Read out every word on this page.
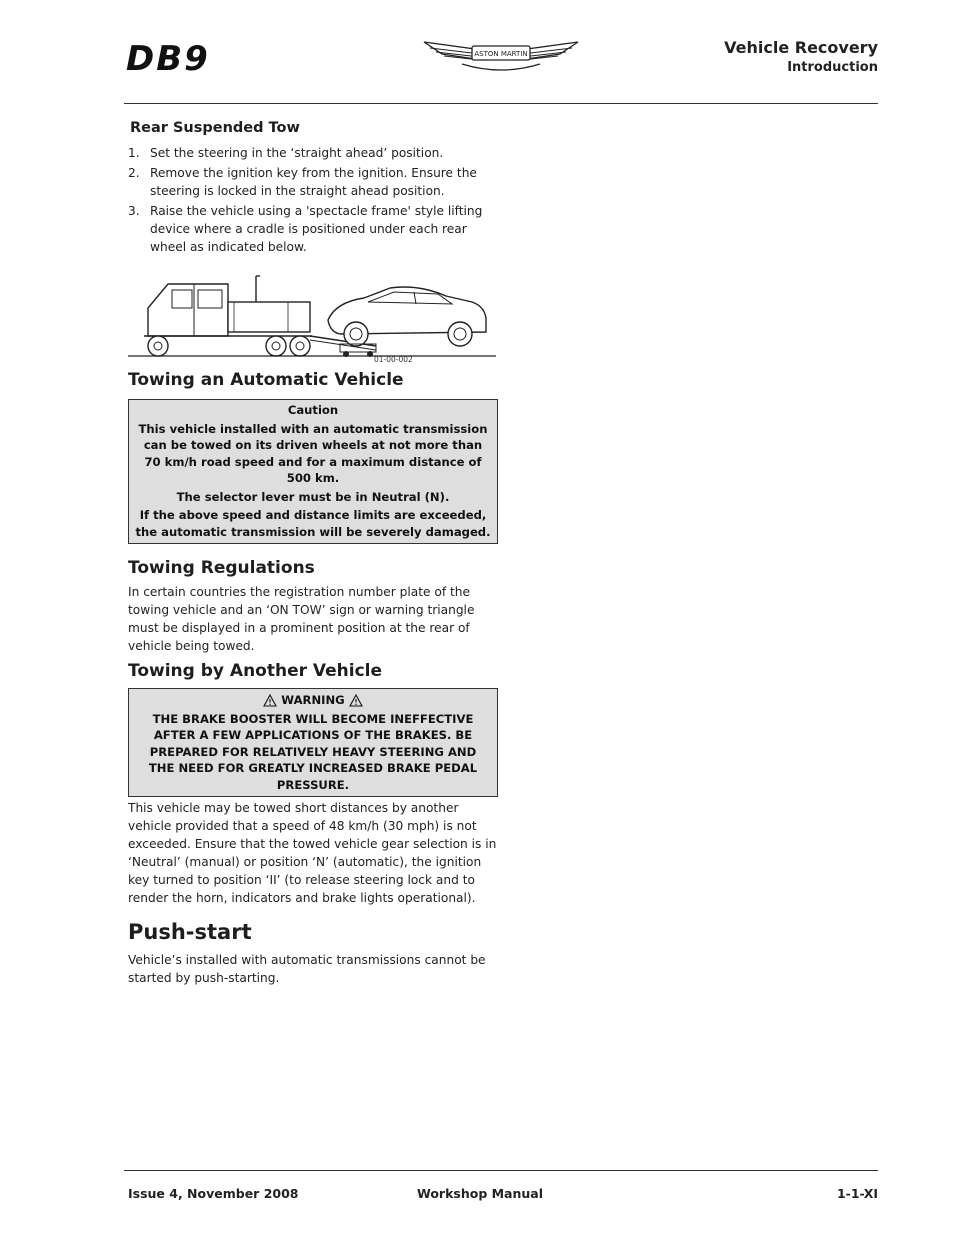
DB9	ASTON MARTIN	Vehicle Recovery
Introduction
Rear Suspended Tow
1. Set the steering in the ‘straight ahead’ position.
2. Remove the ignition key from the ignition. Ensure the steering is locked in the straight ahead position.
3. Raise the vehicle using a 'spectacle frame' style lifting device where a cradle is positioned under each rear wheel as indicated below.
01-00-002
Towing an Automatic Vehicle
Caution
This vehicle installed with an automatic transmission can be towed on its driven wheels at not more than 70 km/h road speed and for a maximum distance of 500 km.
The selector lever must be in Neutral (N).
If the above speed and distance limits are exceeded, the automatic transmission will be severely damaged.
Towing Regulations

In certain countries the registration number plate of the towing vehicle and an ‘ON TOW’ sign or warning triangle must be displayed in a prominent position at the rear of vehicle being towed.

Towing by Another Vehicle
WARNING
THE BRAKE BOOSTER WILL BECOME INEFFECTIVE AFTER A FEW APPLICATIONS OF THE BRAKES. BE PREPARED FOR RELATIVELY HEAVY STEERING AND THE NEED FOR GREATLY INCREASED BRAKE PEDAL PRESSURE.

This vehicle may be towed short distances by another vehicle provided that a speed of 48 km/h (30 mph) is not exceeded. Ensure that the towed vehicle gear selection is in ‘Neutral’ (manual) or position ‘N’ (automatic), the ignition key turned to position ‘II’ (to release steering lock and to render the horn, indicators and brake lights operational).

Push-start

Vehicle’s installed with automatic transmissions cannot be started by push-starting.

Issue 4, November 2008	Workshop Manual	1-1-XI
